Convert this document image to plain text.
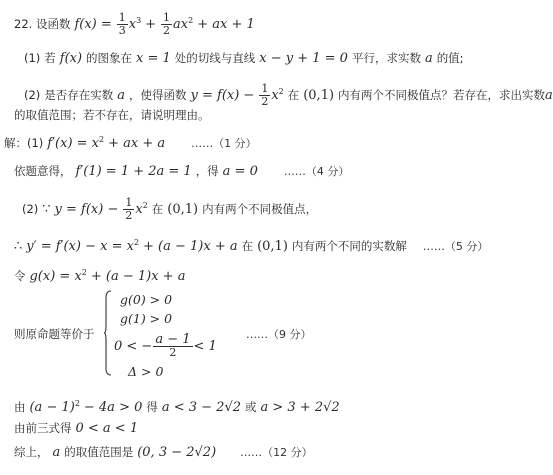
22. 设函数 $f(x) = \frac{1}{3} x^3 + \frac{1}{2} ax^2$ + ax + 1
(1) 若 f(x) 的图象在 x = 1 处的切线与直线 x − y + 1 = 0 平行，求实数 a 的值;
(2) 是否存在实数 a ，使得函数 $y = f(x) - \frac{1}{2} x^2$ 在 (0,1) 内有两个不同极值点？若存在，求出实数a
的取值范围；若不存在，请说明理由。
解：(1) $f'(x) = x^2$ + ax + a ……（1 分）
依题意得， f′(1) = 1 + 2a = 1 ，得 a = 0 ……（4 分）
(2) ∵ $y = f(x) - \frac{1}{2} x^2$ 在 (0,1) 内有两个不同极值点，
∴ $y' = f'(x) - x = x^2 + (a - 1)x + a$ 在 (0,1) 内有两个不同的实数解 ……（5 分）
令 $g(x) = x^2 + (a - 1)x + a$
则原命题等价于
g(0) > 0
g(1) > 0
0 < − $\frac{a - 1}{2} < 1$
Δ > 0
……（9 分）
由 $(a - 1)^2 - 4a > 0$ 得 a < 3 − 2√2 或 a > 3 + 2√2
由前三式得 0 < a < 1
综上， a 的取值范围是 (0, 3 − 2√2) ……（12 分）
